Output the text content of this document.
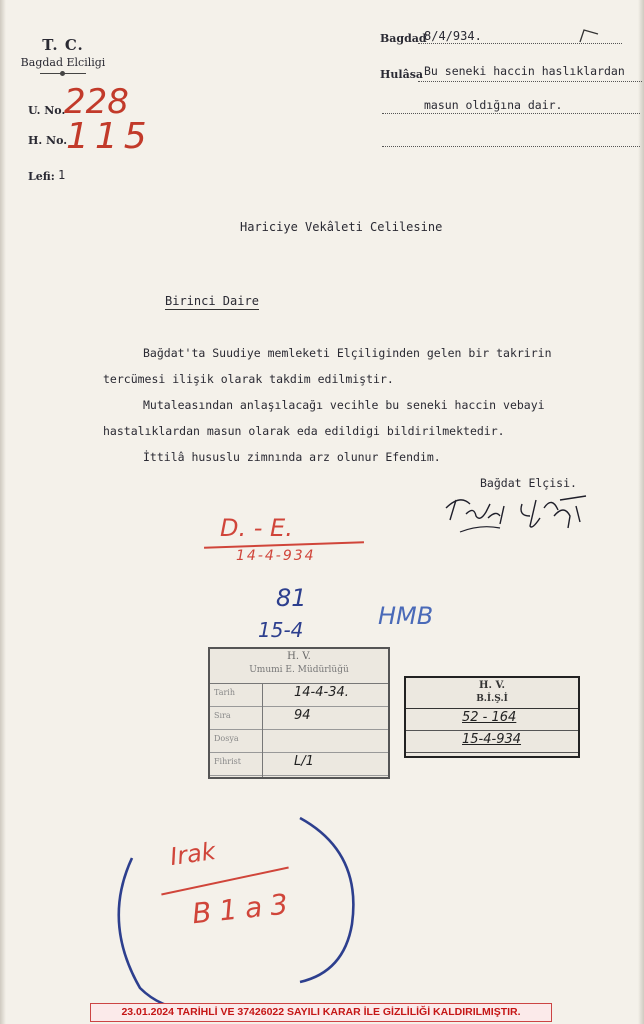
T. C.
Bagdad Elciligi
U. No.
228
H. No.
115
Lefi: 1
Bagdad
8/4/934.
Hulâsa Bu seneki haccin haslıklardan
masun oldığına dair.
Hariciye Vekâleti Celilesine
Birinci Daire
Bağdat'ta Suudiye memleketi Elçiliginden gelen bir takririn
tercümesi ilişik olarak takdim edilmiştir.
Mutaleasından anlaşılacağı vecihle bu seneki haccin vebayi
hastalıklardan masun olarak eda edildigi bildirilmektedir.
İttilâ hususlu zimnında arz olunur Efendim.
Bağdat Elçisi.
D. - E.
14-4-934
81
15-4	HMB
H. V.
Umumi E. Müdürlüğü
Tarih	14-4-34.
Sıra	94
Dosya
Fihrist	L/1
H. V.
B.İ.Ş.İ
52 - 164
15-4-934
Irak
B1a3
23.01.2024 TARİHLİ VE 37426022 SAYILI KARAR İLE GİZLİLİĞİ KALDIRILMIŞTIR.
